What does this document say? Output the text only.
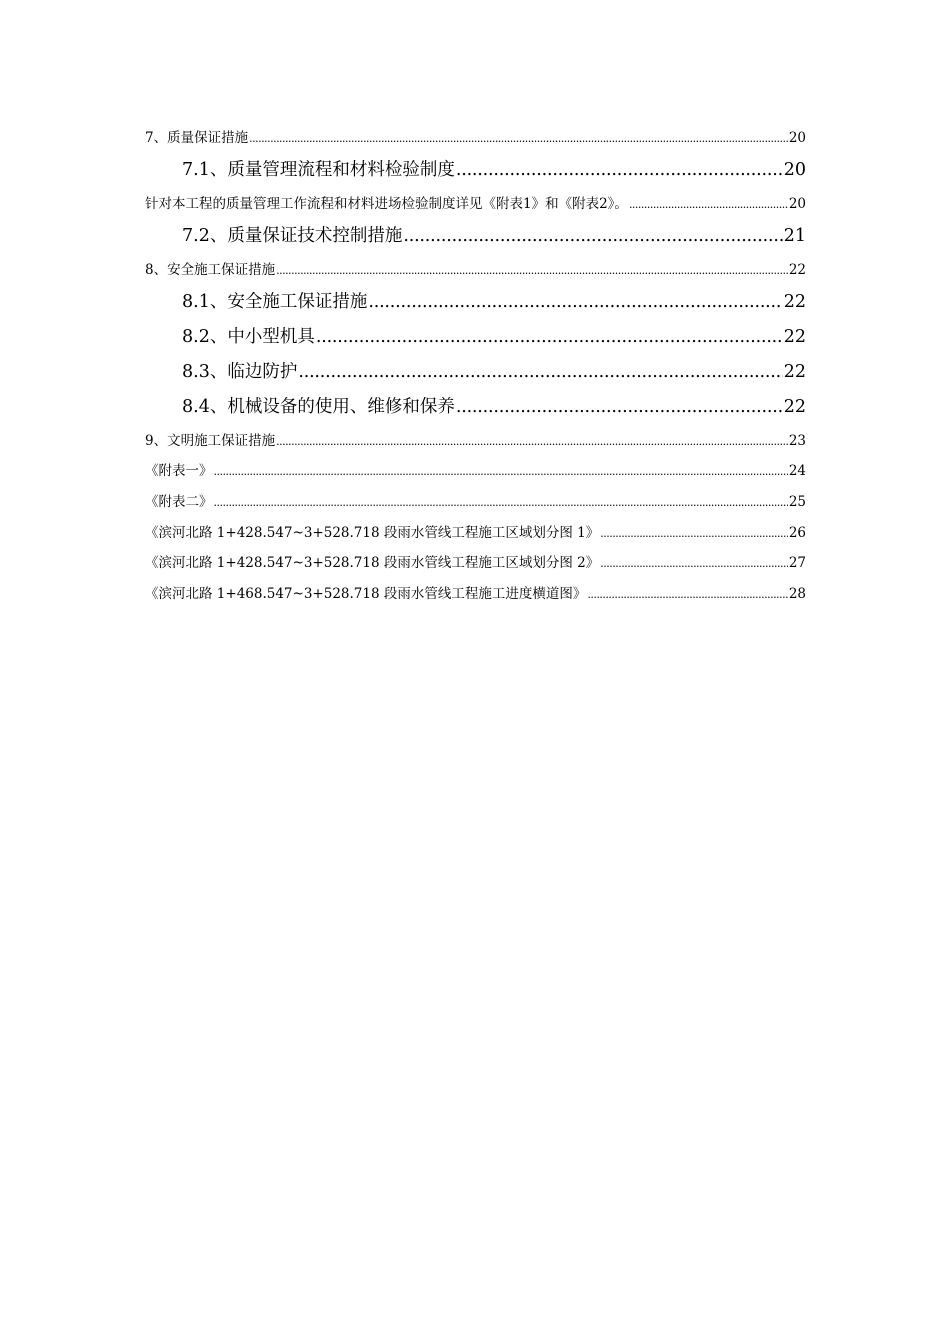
7、质量保证措施 .....	20
7.1、质量管理流程和材料检验制度 .....	20
针对本工程的质量管理工作流程和材料进场检验制度详见《附表1》和《附表2》。 .....	20
7.2、质量保证技术控制措施 .....	21
8、安全施工保证措施 .....	22
8.1、安全施工保证措施 .....	22
8.2、中小型机具 .....	22
8.3、临边防护 .....	22
8.4、机械设备的使用、维修和保养 .....	22
9、文明施工保证措施 .....	23
《附表一》 .....	24
《附表二》 .....	25
《滨河北路 1+428.547~3+528.718 段雨水管线工程施工区域划分图 1》 .....	26
《滨河北路 1+428.547~3+528.718 段雨水管线工程施工区域划分图 2》 .....	27
《滨河北路 1+468.547~3+528.718 段雨水管线工程施工进度横道图》 .....	28
